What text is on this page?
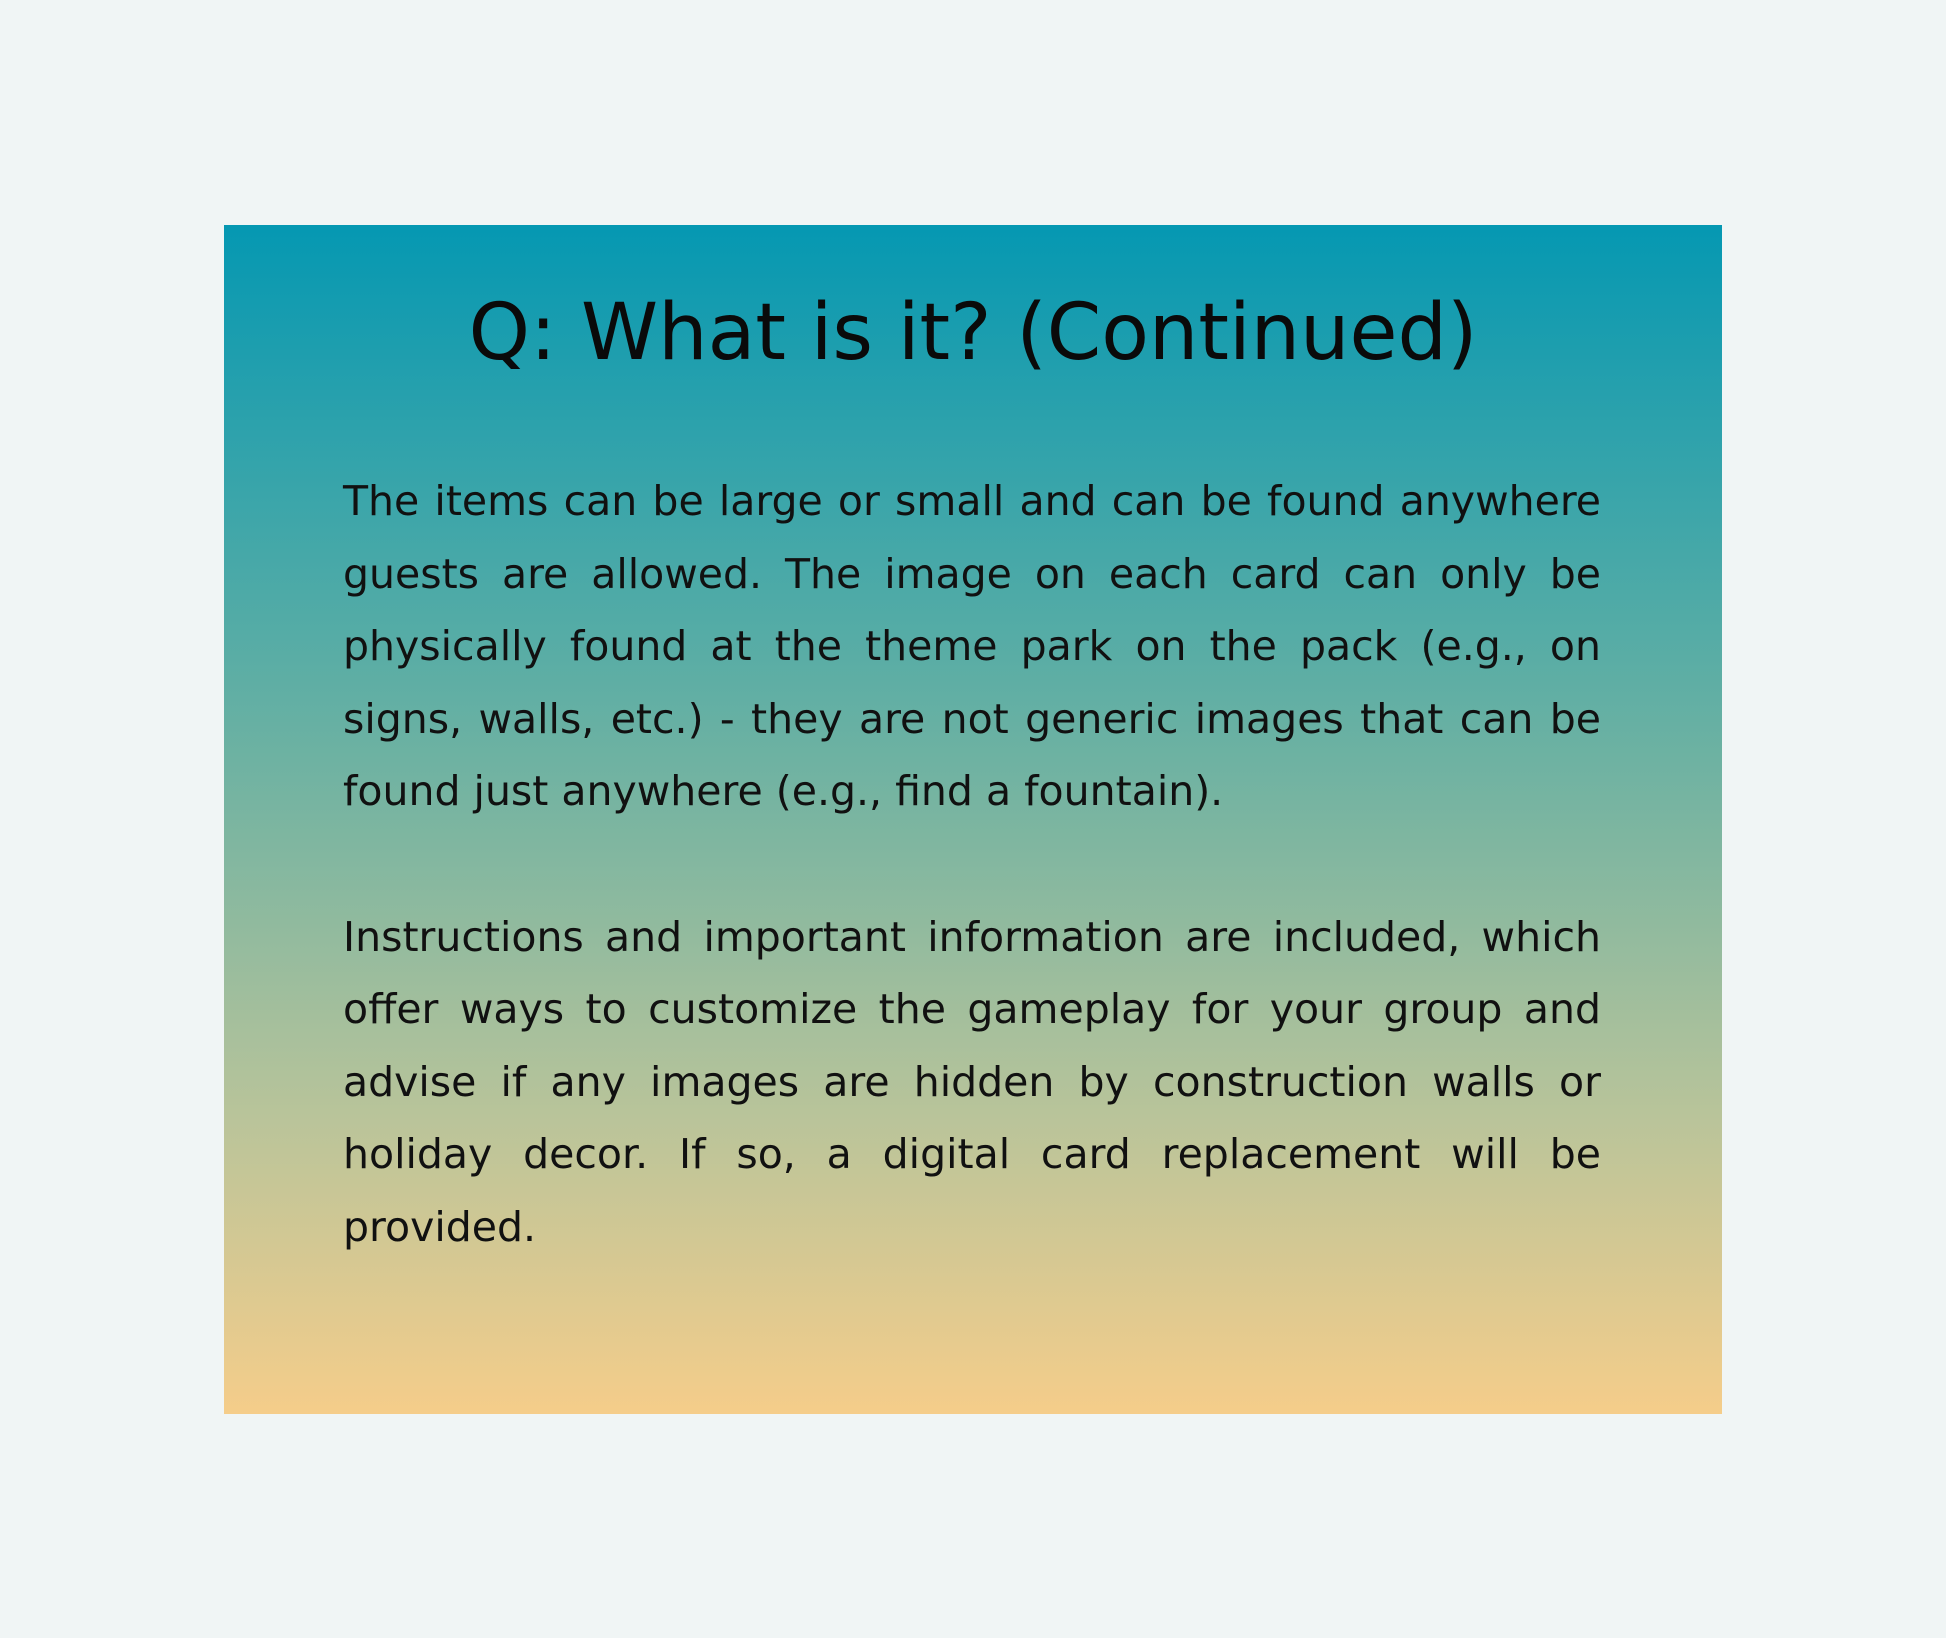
Q: What is it? (Continued)

The items can be large or small and can be found anywhere guests are allowed. The image on each card can only be physically found at the theme park on the pack (e.g., on signs, walls, etc.) - they are not generic images that can be found just anywhere (e.g., find a fountain).

Instructions and important information are included, which offer ways to customize the gameplay for your group and advise if any images are hidden by construction walls or holiday decor. If so, a digital card replacement will be provided.
